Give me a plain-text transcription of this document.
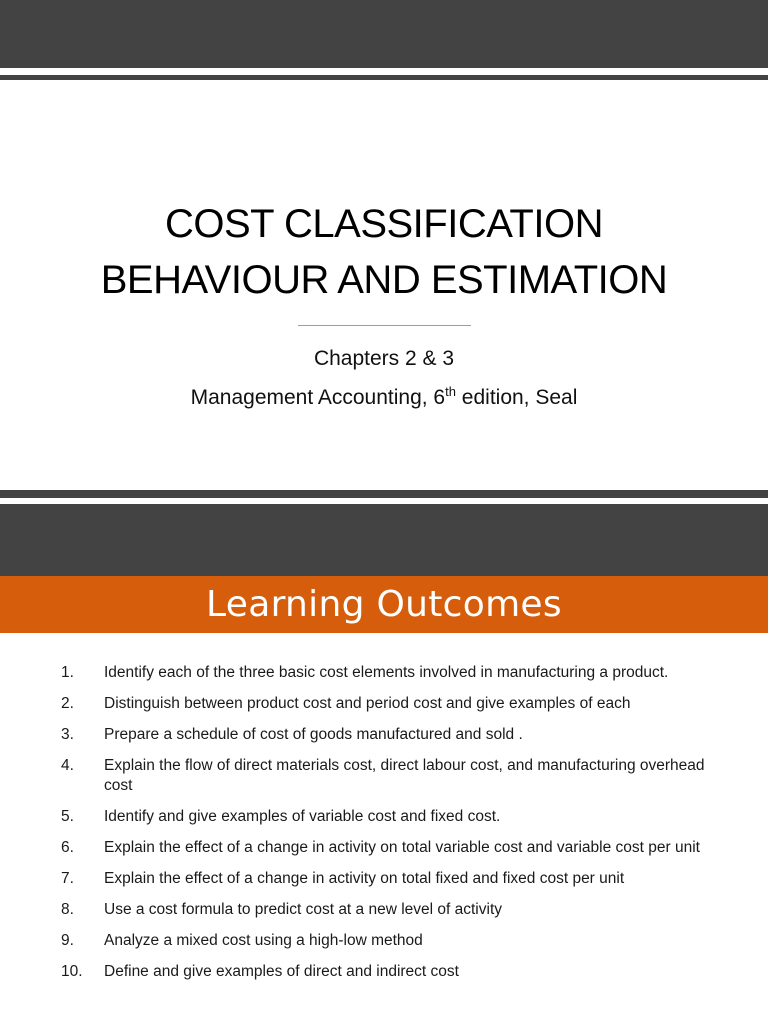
COST CLASSIFICATION
BEHAVIOUR AND ESTIMATION
Chapters 2 & 3
Management Accounting, 6th edition, Seal
Learning Outcomes
1. Identify each of the three basic cost elements involved in manufacturing a product.
2. Distinguish between product cost and period cost and give examples of each
3. Prepare a schedule of cost of goods manufactured and sold .
4. Explain the flow of direct materials cost, direct labour cost, and manufacturing overhead cost
5. Identify and give examples of variable cost and fixed cost.
6. Explain the effect of a change in activity on total variable cost and variable cost per unit
7. Explain the effect of a change in activity on total fixed and fixed cost per unit
8. Use a cost formula to predict cost at a new level of activity
9. Analyze a mixed cost using a high-low method
10. Define and give examples of direct and indirect cost
